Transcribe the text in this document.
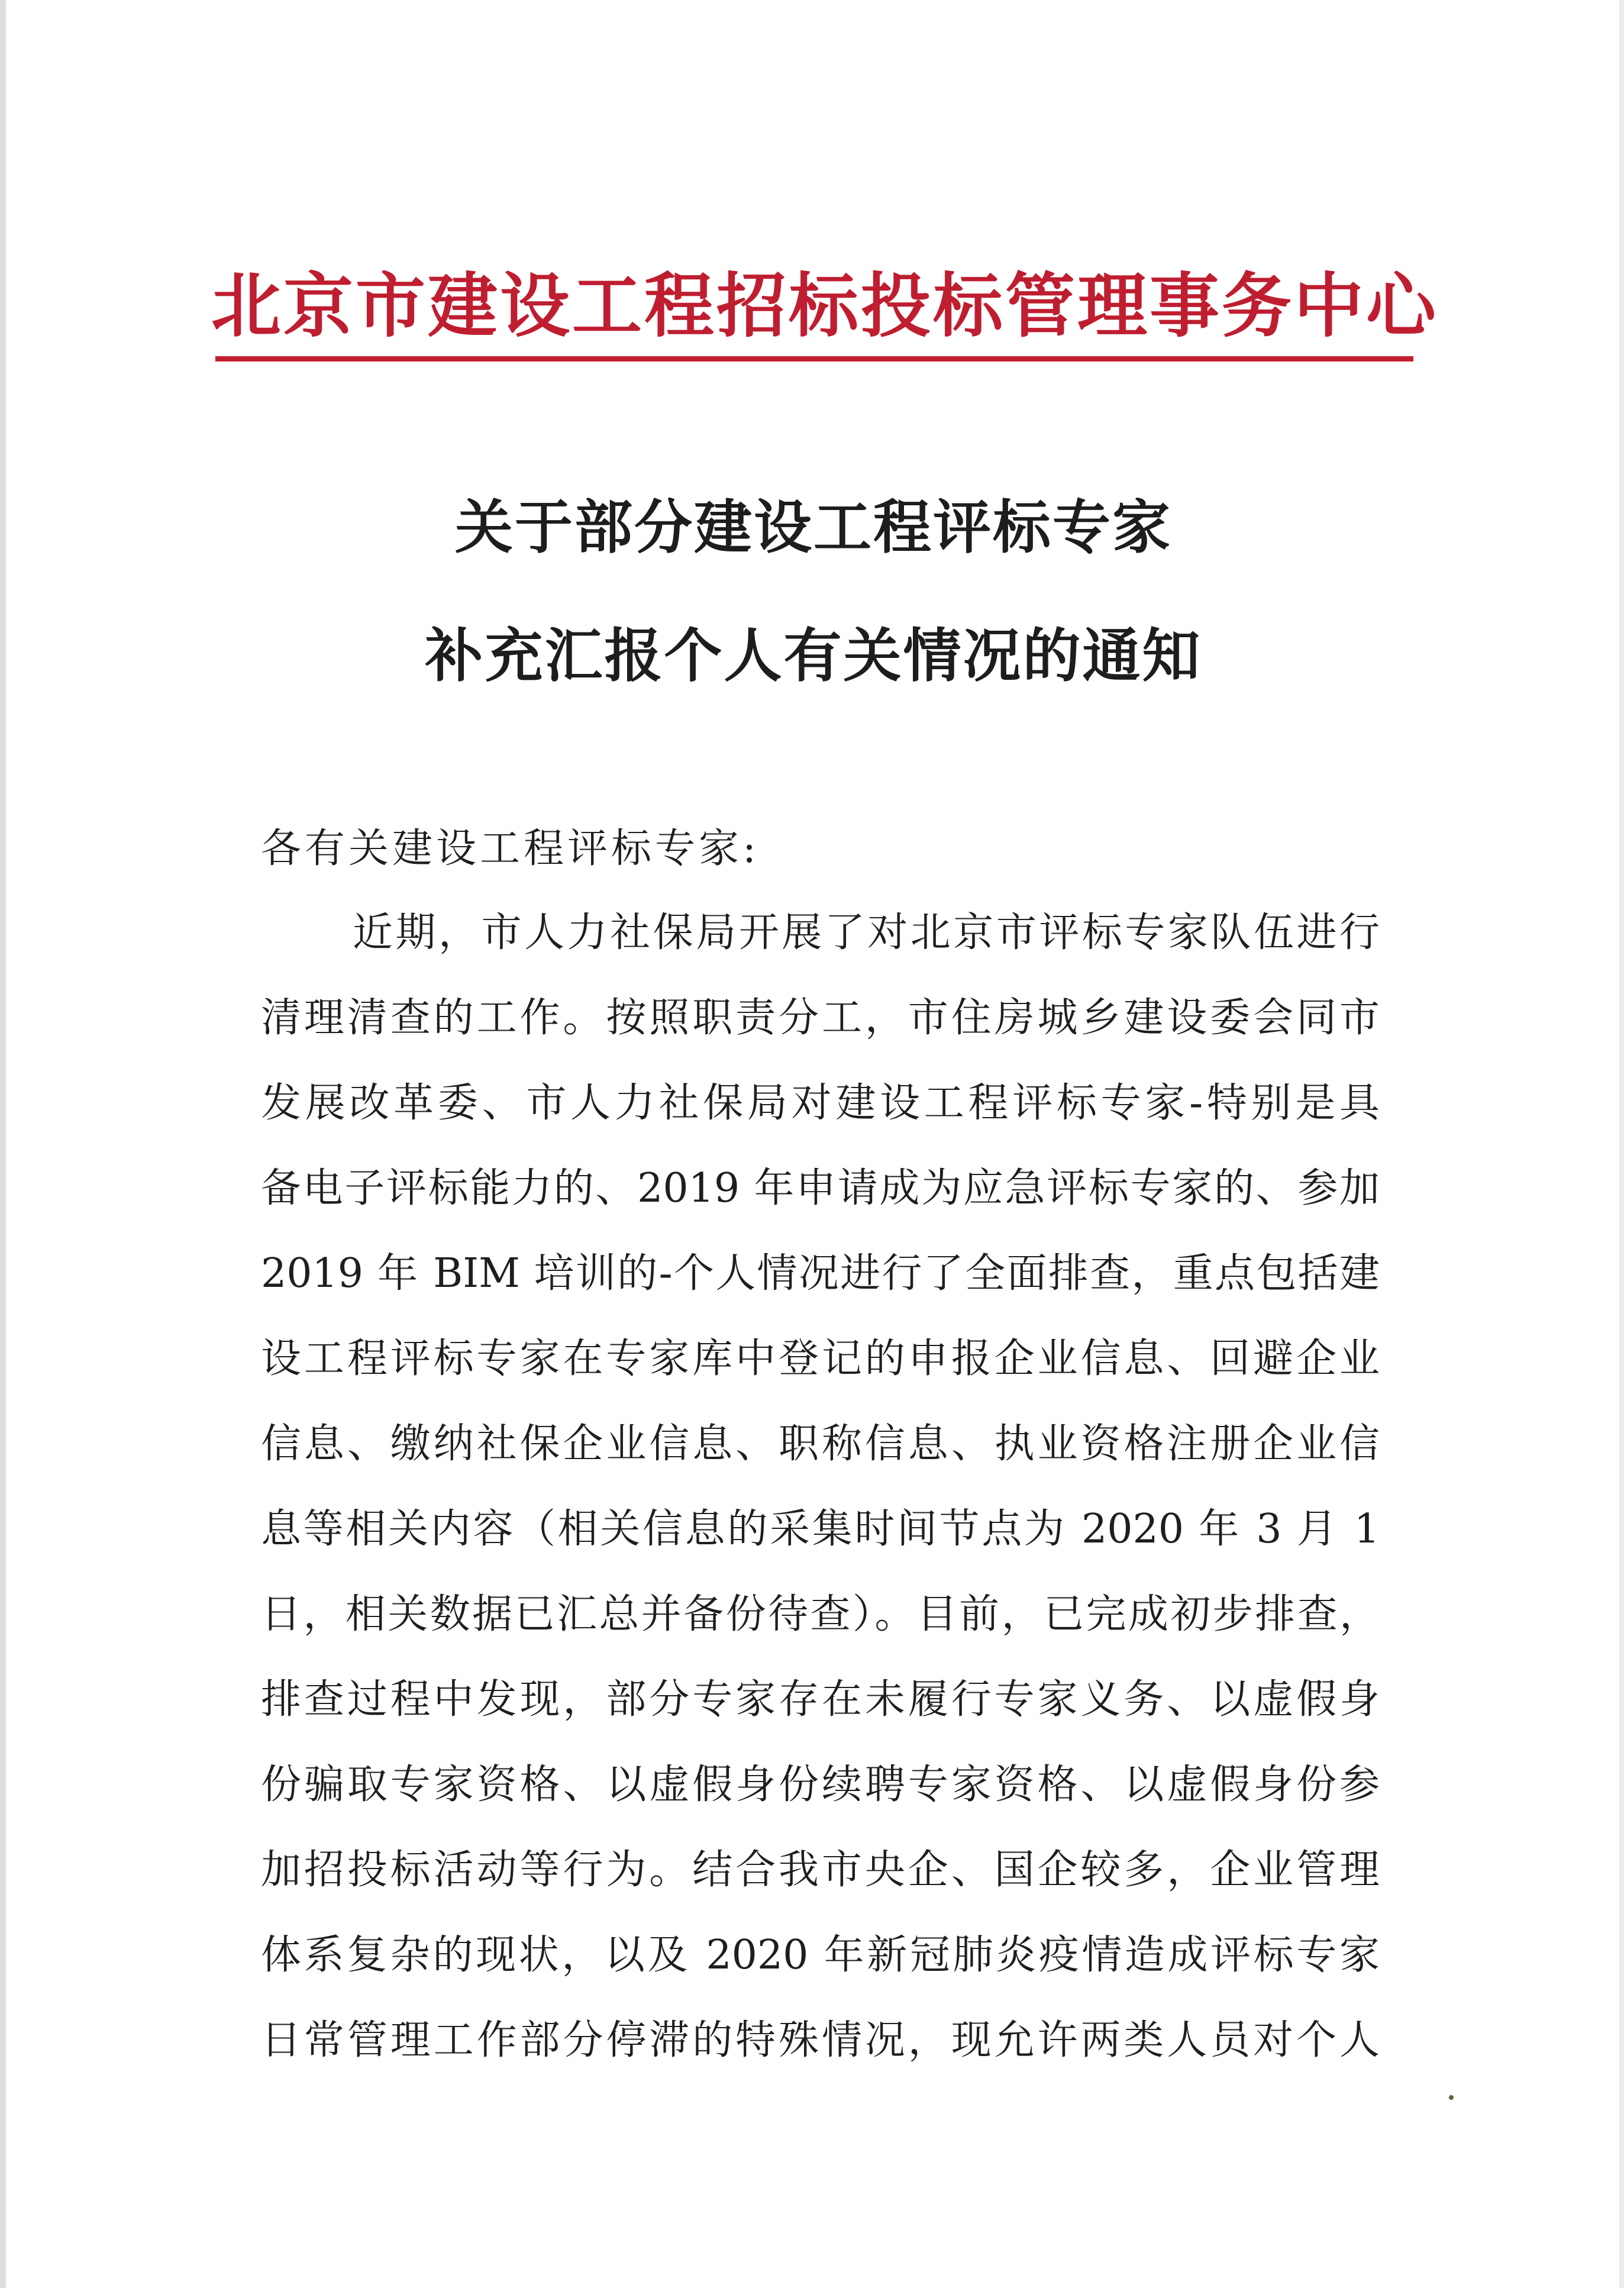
北京市建设工程招标投标管理事务中心
关于部分建设工程评标专家
补充汇报个人有关情况的通知
各有关建设工程评标专家:
近期，市人力社保局开展了对北京市评标专家队伍进行
清理清查的工作。按照职责分工，市住房城乡建设委会同市
发展改革委、市人力社保局对建设工程评标专家-特别是具
备电子评标能力的、2019 年申请成为应急评标专家的、参加
2019 年 BIM 培训的-个人情况进行了全面排查，重点包括建
设工程评标专家在专家库中登记的申报企业信息、回避企业
信息、缴纳社保企业信息、职称信息、执业资格注册企业信
息等相关内容（相关信息的采集时间节点为 2020 年 3 月 1
日，相关数据已汇总并备份待查）。目前，已完成初步排查，
排查过程中发现，部分专家存在未履行专家义务、以虚假身
份骗取专家资格、以虚假身份续聘专家资格、以虚假身份参
加招投标活动等行为。结合我市央企、国企较多，企业管理
体系复杂的现状，以及 2020 年新冠肺炎疫情造成评标专家
日常管理工作部分停滞的特殊情况，现允许两类人员对个人
